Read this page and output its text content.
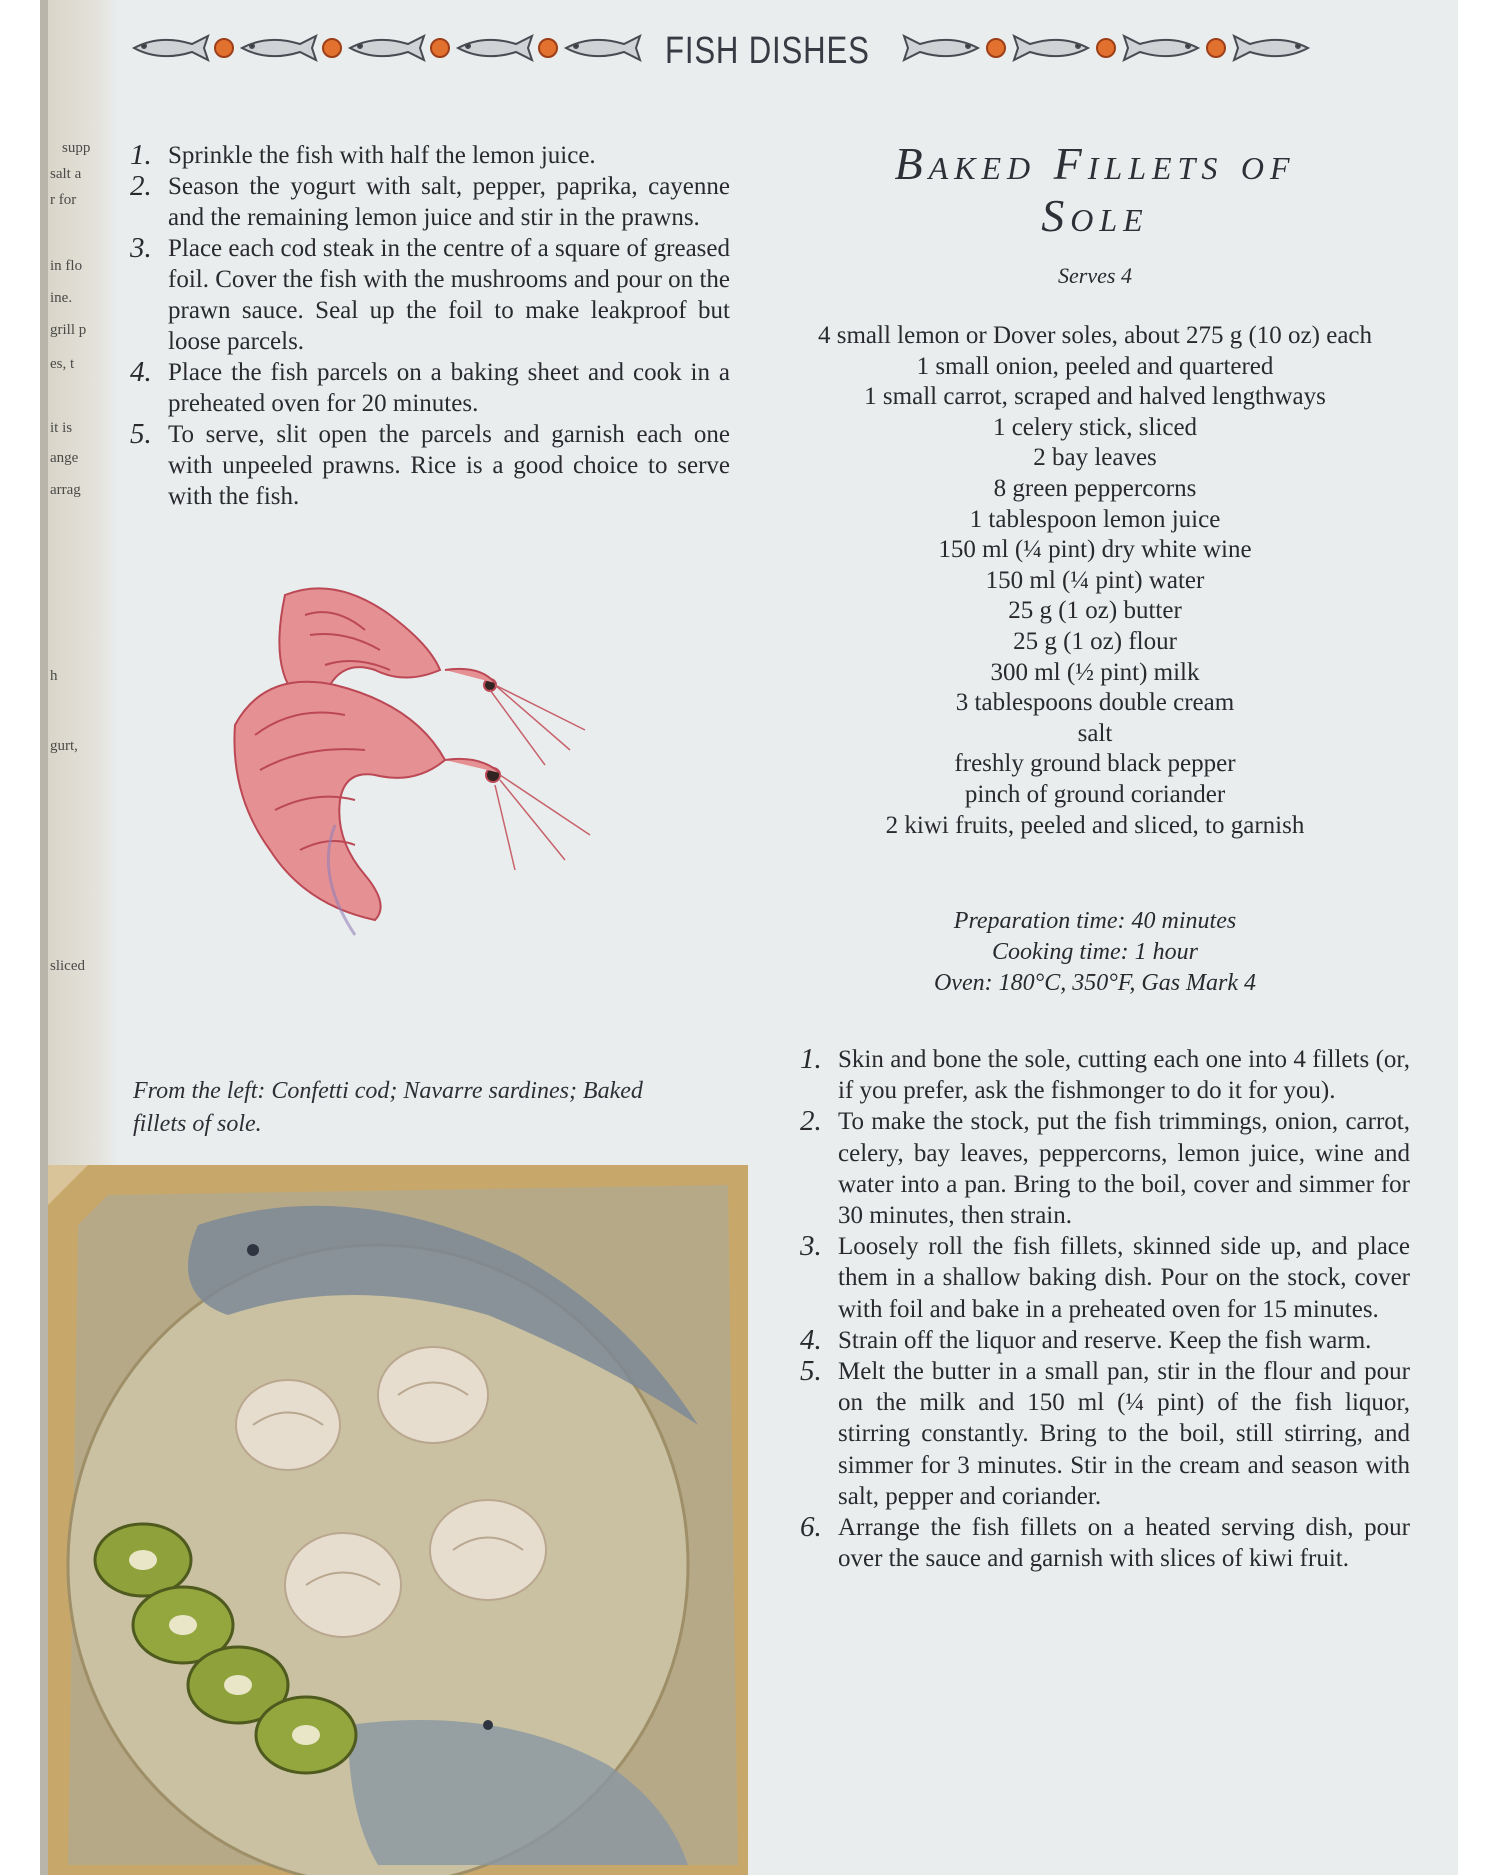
supp
salt a
r for
in flo
ine.
grill p
es, t
it is
ange
arrag
h
gurt,
sliced
FISH DISHES
1. Sprinkle the fish with half the lemon juice.
2. Season the yogurt with salt, pepper, paprika, cayenne and the remaining lemon juice and stir in the prawns.
3. Place each cod steak in the centre of a square of greased foil. Cover the fish with the mushrooms and pour on the prawn sauce. Seal up the foil to make leakproof but loose parcels.
4. Place the fish parcels on a baking sheet and cook in a preheated oven for 20 minutes.
5. To serve, slit open the parcels and garnish each one with unpeeled prawns. Rice is a good choice to serve with the fish.
From the left: Confetti cod; Navarre sardines; Baked fillets of sole.
Baked Fillets of
Sole
Serves 4
4 small lemon or Dover soles, about 275 g (10 oz) each
1 small onion, peeled and quartered
1 small carrot, scraped and halved lengthways
1 celery stick, sliced
2 bay leaves
8 green peppercorns
1 tablespoon lemon juice
150 ml (¼ pint) dry white wine
150 ml (¼ pint) water
25 g (1 oz) butter
25 g (1 oz) flour
300 ml (½ pint) milk
3 tablespoons double cream
salt
freshly ground black pepper
pinch of ground coriander
2 kiwi fruits, peeled and sliced, to garnish
Preparation time: 40 minutes
Cooking time: 1 hour
Oven: 180°C, 350°F, Gas Mark 4
1. Skin and bone the sole, cutting each one into 4 fillets (or, if you prefer, ask the fishmonger to do it for you).
2. To make the stock, put the fish trimmings, onion, carrot, celery, bay leaves, peppercorns, lemon juice, wine and water into a pan. Bring to the boil, cover and simmer for 30 minutes, then strain.
3. Loosely roll the fish fillets, skinned side up, and place them in a shallow baking dish. Pour on the stock, cover with foil and bake in a preheated oven for 15 minutes.
4. Strain off the liquor and reserve. Keep the fish warm.
5. Melt the butter in a small pan, stir in the flour and pour on the milk and 150 ml (¼ pint) of the fish liquor, stirring constantly. Bring to the boil, still stirring, and simmer for 3 minutes. Stir in the cream and season with salt, pepper and coriander.
6. Arrange the fish fillets on a heated serving dish, pour over the sauce and garnish with slices of kiwi fruit.
